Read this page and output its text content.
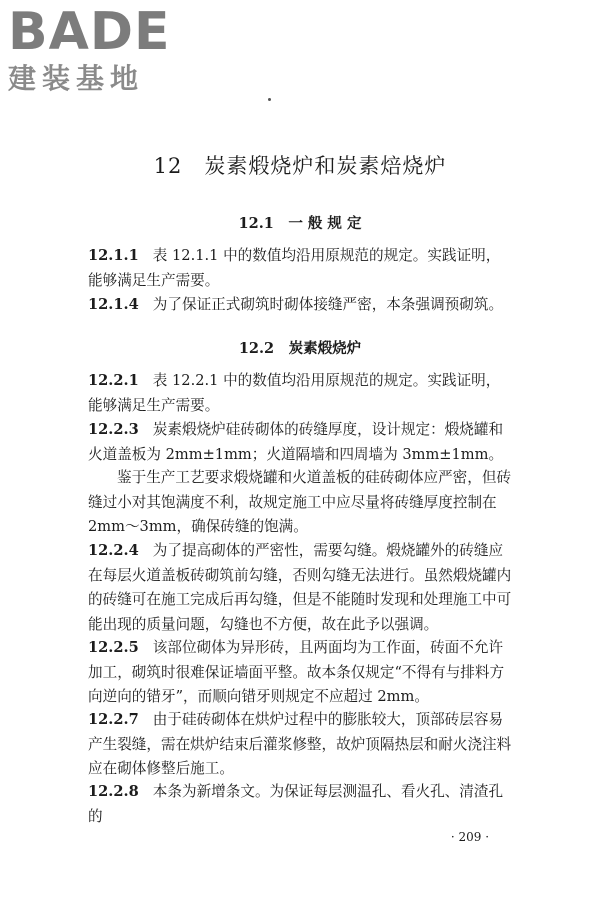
BADE
建装基地
12　炭素煅烧炉和炭素焙烧炉
12.1　一 般 规 定

12.1.1 表 12.1.1 中的数值均沿用原规范的规定。实践证明，能够满足生产需要。

12.1.4 为了保证正式砌筑时砌体接缝严密，本条强调预砌筑。

12.2　炭素煅烧炉

12.2.1 表 12.2.1 中的数值均沿用原规范的规定。实践证明，能够满足生产需要。

12.2.3 炭素煅烧炉硅砖砌体的砖缝厚度，设计规定：煅烧罐和火道盖板为 2mm±1mm；火道隔墙和四周墙为 3mm±1mm。

鉴于生产工艺要求煅烧罐和火道盖板的硅砖砌体应严密，但砖缝过小对其饱满度不利，故规定施工中应尽量将砖缝厚度控制在 2mm～3mm，确保砖缝的饱满。

12.2.4 为了提高砌体的严密性，需要勾缝。煅烧罐外的砖缝应在每层火道盖板砖砌筑前勾缝，否则勾缝无法进行。虽然煅烧罐内的砖缝可在施工完成后再勾缝，但是不能随时发现和处理施工中可能出现的质量问题，勾缝也不方便，故在此予以强调。

12.2.5 该部位砌体为异形砖，且两面均为工作面，砖面不允许加工，砌筑时很难保证墙面平整。故本条仅规定“不得有与排料方向逆向的错牙”，而顺向错牙则规定不应超过 2mm。

12.2.7 由于硅砖砌体在烘炉过程中的膨胀较大，顶部砖层容易产生裂缝，需在烘炉结束后灌浆修整，故炉顶隔热层和耐火浇注料应在砌体修整后施工。

12.2.8 本条为新增条文。为保证每层测温孔、看火孔、清渣孔的

· 209 ·
